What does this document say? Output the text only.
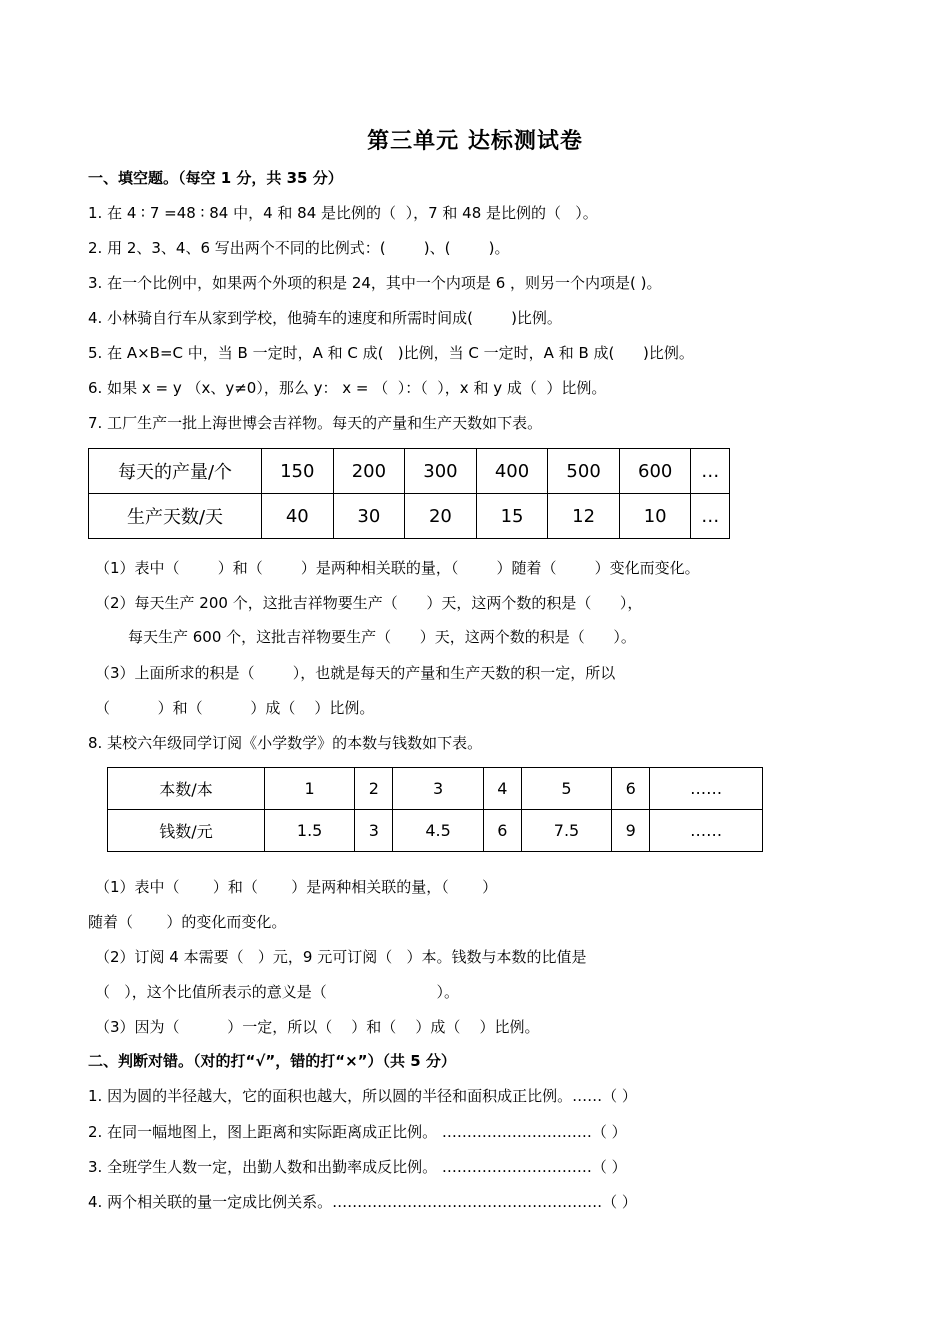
第三单元 达标测试卷
一、填空题。（每空 1 分，共 35 分）
1. 在 4 ∶ 7 =48 ∶ 84 中，4 和 84 是比例的（  ），7 和 48 是比例的（   ）。
2. 用 2、3、4、6 写出两个不同的比例式：(        )、(        )。
3. 在一个比例中，如果两个外项的积是 24，其中一个内项是 6 ，则另一个内项是( )。
4. 小林骑自行车从家到学校，他骑车的速度和所需时间成(        )比例。
5. 在 A×B=C 中，当 B 一定时，A 和 C 成(   )比例，当 C 一定时，A 和 B 成(      )比例。
6. 如果 x = y （x、y≠0），那么 y： x = （  ）：（  ），x 和 y 成（  ）比例。
7. 工厂生产一批上海世博会吉祥物。每天的产量和生产天数如下表。
每天的产量/个	150	200	300	400	500	600	…
生产天数/天	40	30	20	15	12	10	…
（1）表中（        ）和（        ）是两种相关联的量，（        ）随着（        ）变化而变化。
（2）每天生产 200 个，这批吉祥物要生产（      ）天，这两个数的积是（      ），
每天生产 600 个，这批吉祥物要生产（      ）天，这两个数的积是（      ）。
（3）上面所求的积是（        ），也就是每天的产量和生产天数的积一定，所以
（          ）和（          ）成（    ）比例。
8. 某校六年级同学订阅《小学数学》的本数与钱数如下表。
本数/本	1	2	3	4	5	6	……
钱数/元	1.5	3	4.5	6	7.5	9	……
（1）表中（       ）和（       ）是两种相关联的量，（       ）
随着（       ）的变化而变化。
（2）订阅 4 本需要（   ）元，9 元可订阅（   ）本。钱数与本数的比值是
（   ），这个比值所表示的意义是（                       ）。
（3）因为（          ）一定，所以（    ）和（    ）成（    ）比例。
二、判断对错。（对的打“√”，错的打“×”）（共 5 分）
1. 因为圆的半径越大，它的面积也越大，所以圆的半径和面积成正比例。……（ ）
2. 在同一幅地图上，图上距离和实际距离成正比例。 …………………………（ ）
3. 全班学生人数一定，出勤人数和出勤率成反比例。 …………………………（ ）
4. 两个相关联的量一定成比例关系。………………………………………………（ ）
